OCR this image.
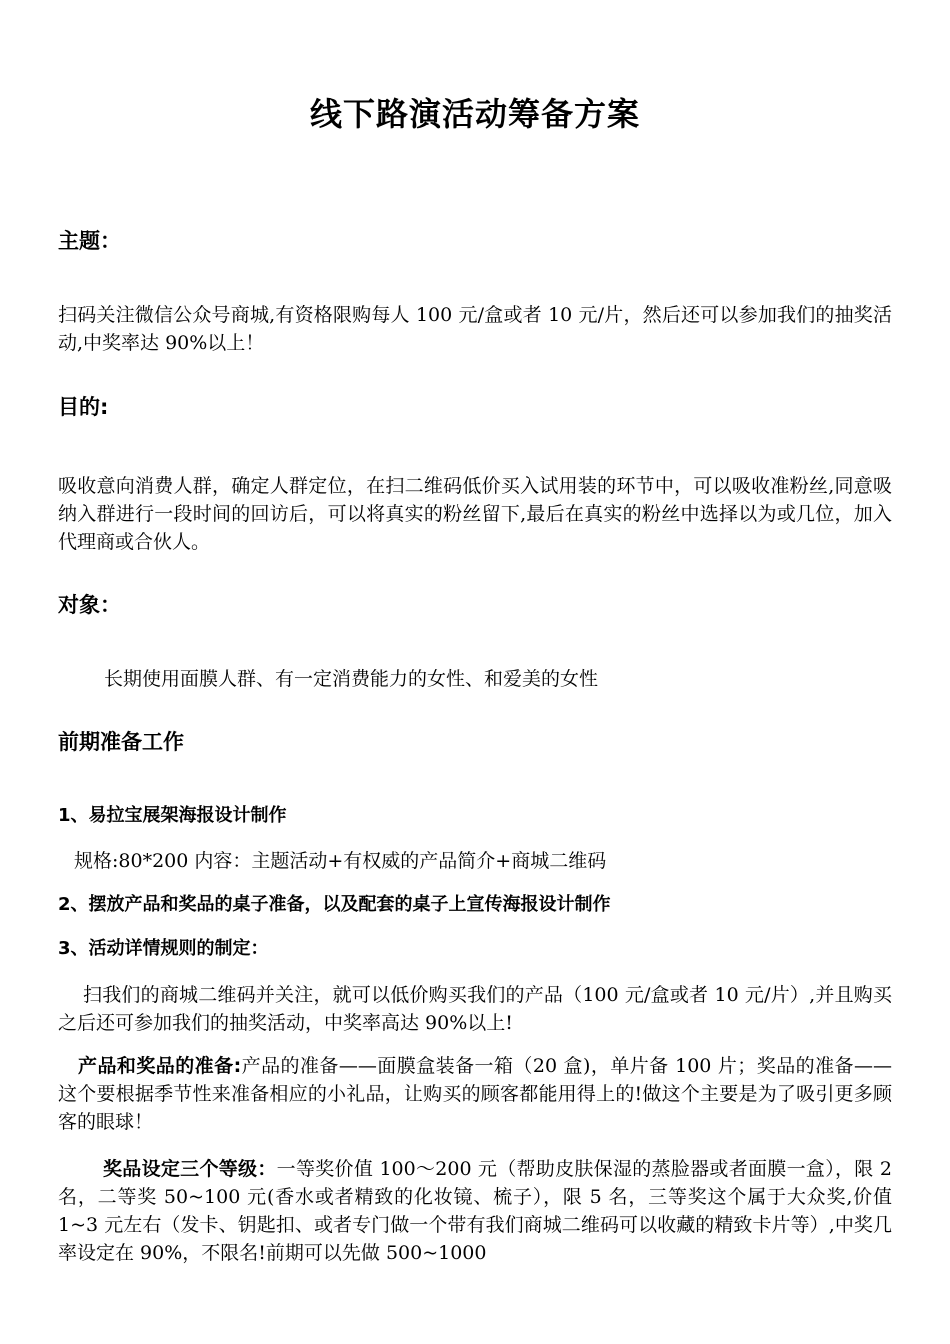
线下路演活动筹备方案
主题：
扫码关注微信公众号商城,有资格限购每人 100 元/盒或者 10 元/片，然后还可以参加我们的抽奖活动,中奖率达 90%以上！
目的:
吸收意向消费人群，确定人群定位，在扫二维码低价买入试用装的环节中，可以吸收准粉丝,同意吸纳入群进行一段时间的回访后，可以将真实的粉丝留下,最后在真实的粉丝中选择以为或几位，加入代理商或合伙人。
对象：
长期使用面膜人群、有一定消费能力的女性、和爱美的女性
前期准备工作
1、易拉宝展架海报设计制作
规格:80*200 内容：主题活动+有权威的产品简介+商城二维码
2、摆放产品和奖品的桌子准备，以及配套的桌子上宣传海报设计制作
3、活动详情规则的制定：
扫我们的商城二维码并关注，就可以低价购买我们的产品（100 元/盒或者 10 元/片）,并且购买之后还可参加我们的抽奖活动，中奖率高达 90%以上!
产品和奖品的准备:产品的准备——面膜盒装备一箱（20 盒)，单片备 100 片；奖品的准备——这个要根据季节性来准备相应的小礼品，让购买的顾客都能用得上的!做这个主要是为了吸引更多顾客的眼球！
奖品设定三个等级：一等奖价值 100～200 元（帮助皮肤保湿的蒸脸器或者面膜一盒），限 2 名，二等奖 50~100 元(香水或者精致的化妆镜、梳子），限 5 名，三等奖这个属于大众奖,价值 1~3 元左右（发卡、钥匙扣、或者专门做一个带有我们商城二维码可以收藏的精致卡片等）,中奖几率设定在 90%，不限名!前期可以先做 500~1000
